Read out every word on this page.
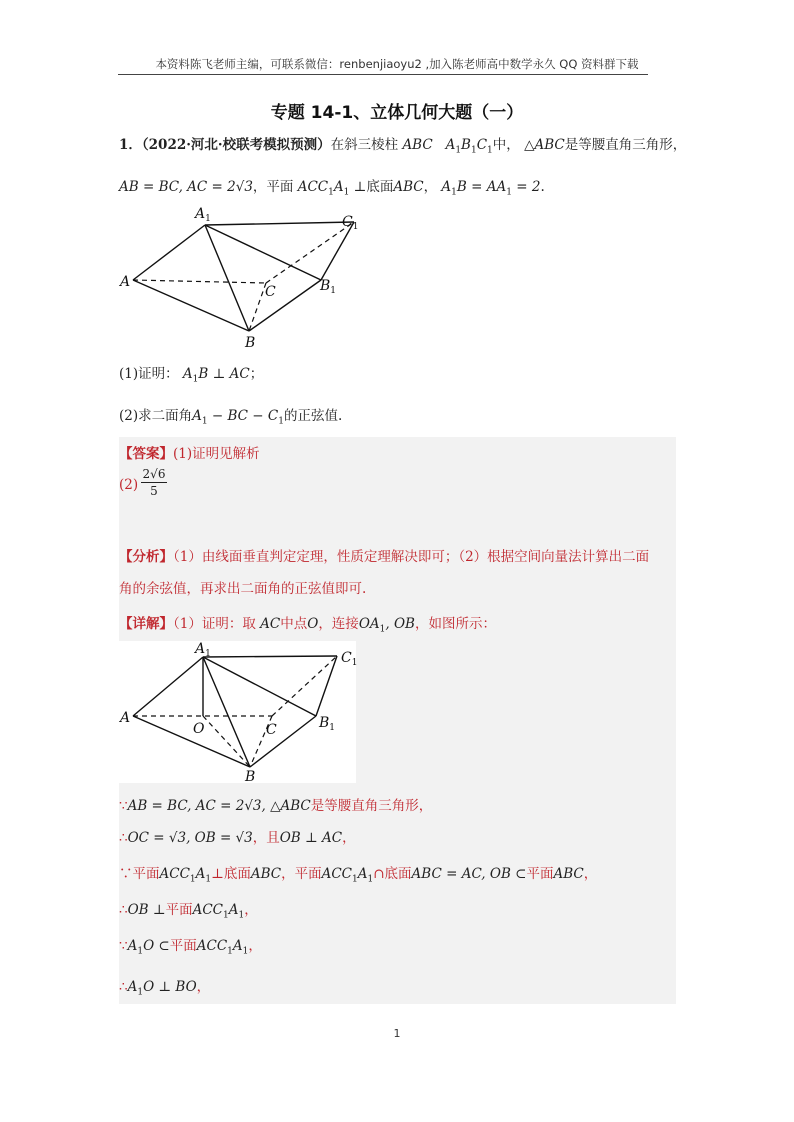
本资料陈飞老师主编，可联系微信：renbenjiaoyu2 ,加入陈老师高中数学永久 QQ 资料群下载
专题 14-1、立体几何大题（一）
1．（2022·河北·校联考模拟预测）在斜三棱柱 ABC $A_1B_1C_1$中， △ABC是等腰直角三角形，
AB = BC, AC = 2√3，平面 $ACC_1A_1$ ⊥底面ABC， $A_1B = AA_1 = 2$.
$A_1$	$C_1$
A
C	$B_1$
B
(1)证明： $A_1B$ ⊥ AC；
(2)求二面角$A_1$ − BC − $C_1$的正弦值.
【答案】(1)证明见解析
(2)
2√6
5
【分析】（1）由线面垂直判定定理，性质定理解决即可；（2）根据空间向量法计算出二面
角的余弦值，再求出二面角的正弦值即可.
【详解】（1）证明：取 AC中点O，连接$OA_1$, OB，如图所示：
$A_1$	$C_1$
A
O	C	$B_1$
B
∵AB = BC, AC = 2√3, △ABC是等腰直角三角形，
∴OC = √3, OB = √3，且OB ⊥ AC，
∵平面$ACC_1A_1\perp$底面ABC，平面$ACC_1A_1\cap$底面ABC = AC, OB ⊂平面ABC，
∴OB ⊥平面$ACC_1A_1$，
$\because A_1O$ ⊂平面$ACC_1A_1$，
$\therefore A_1O$ ⊥ BO，
1
